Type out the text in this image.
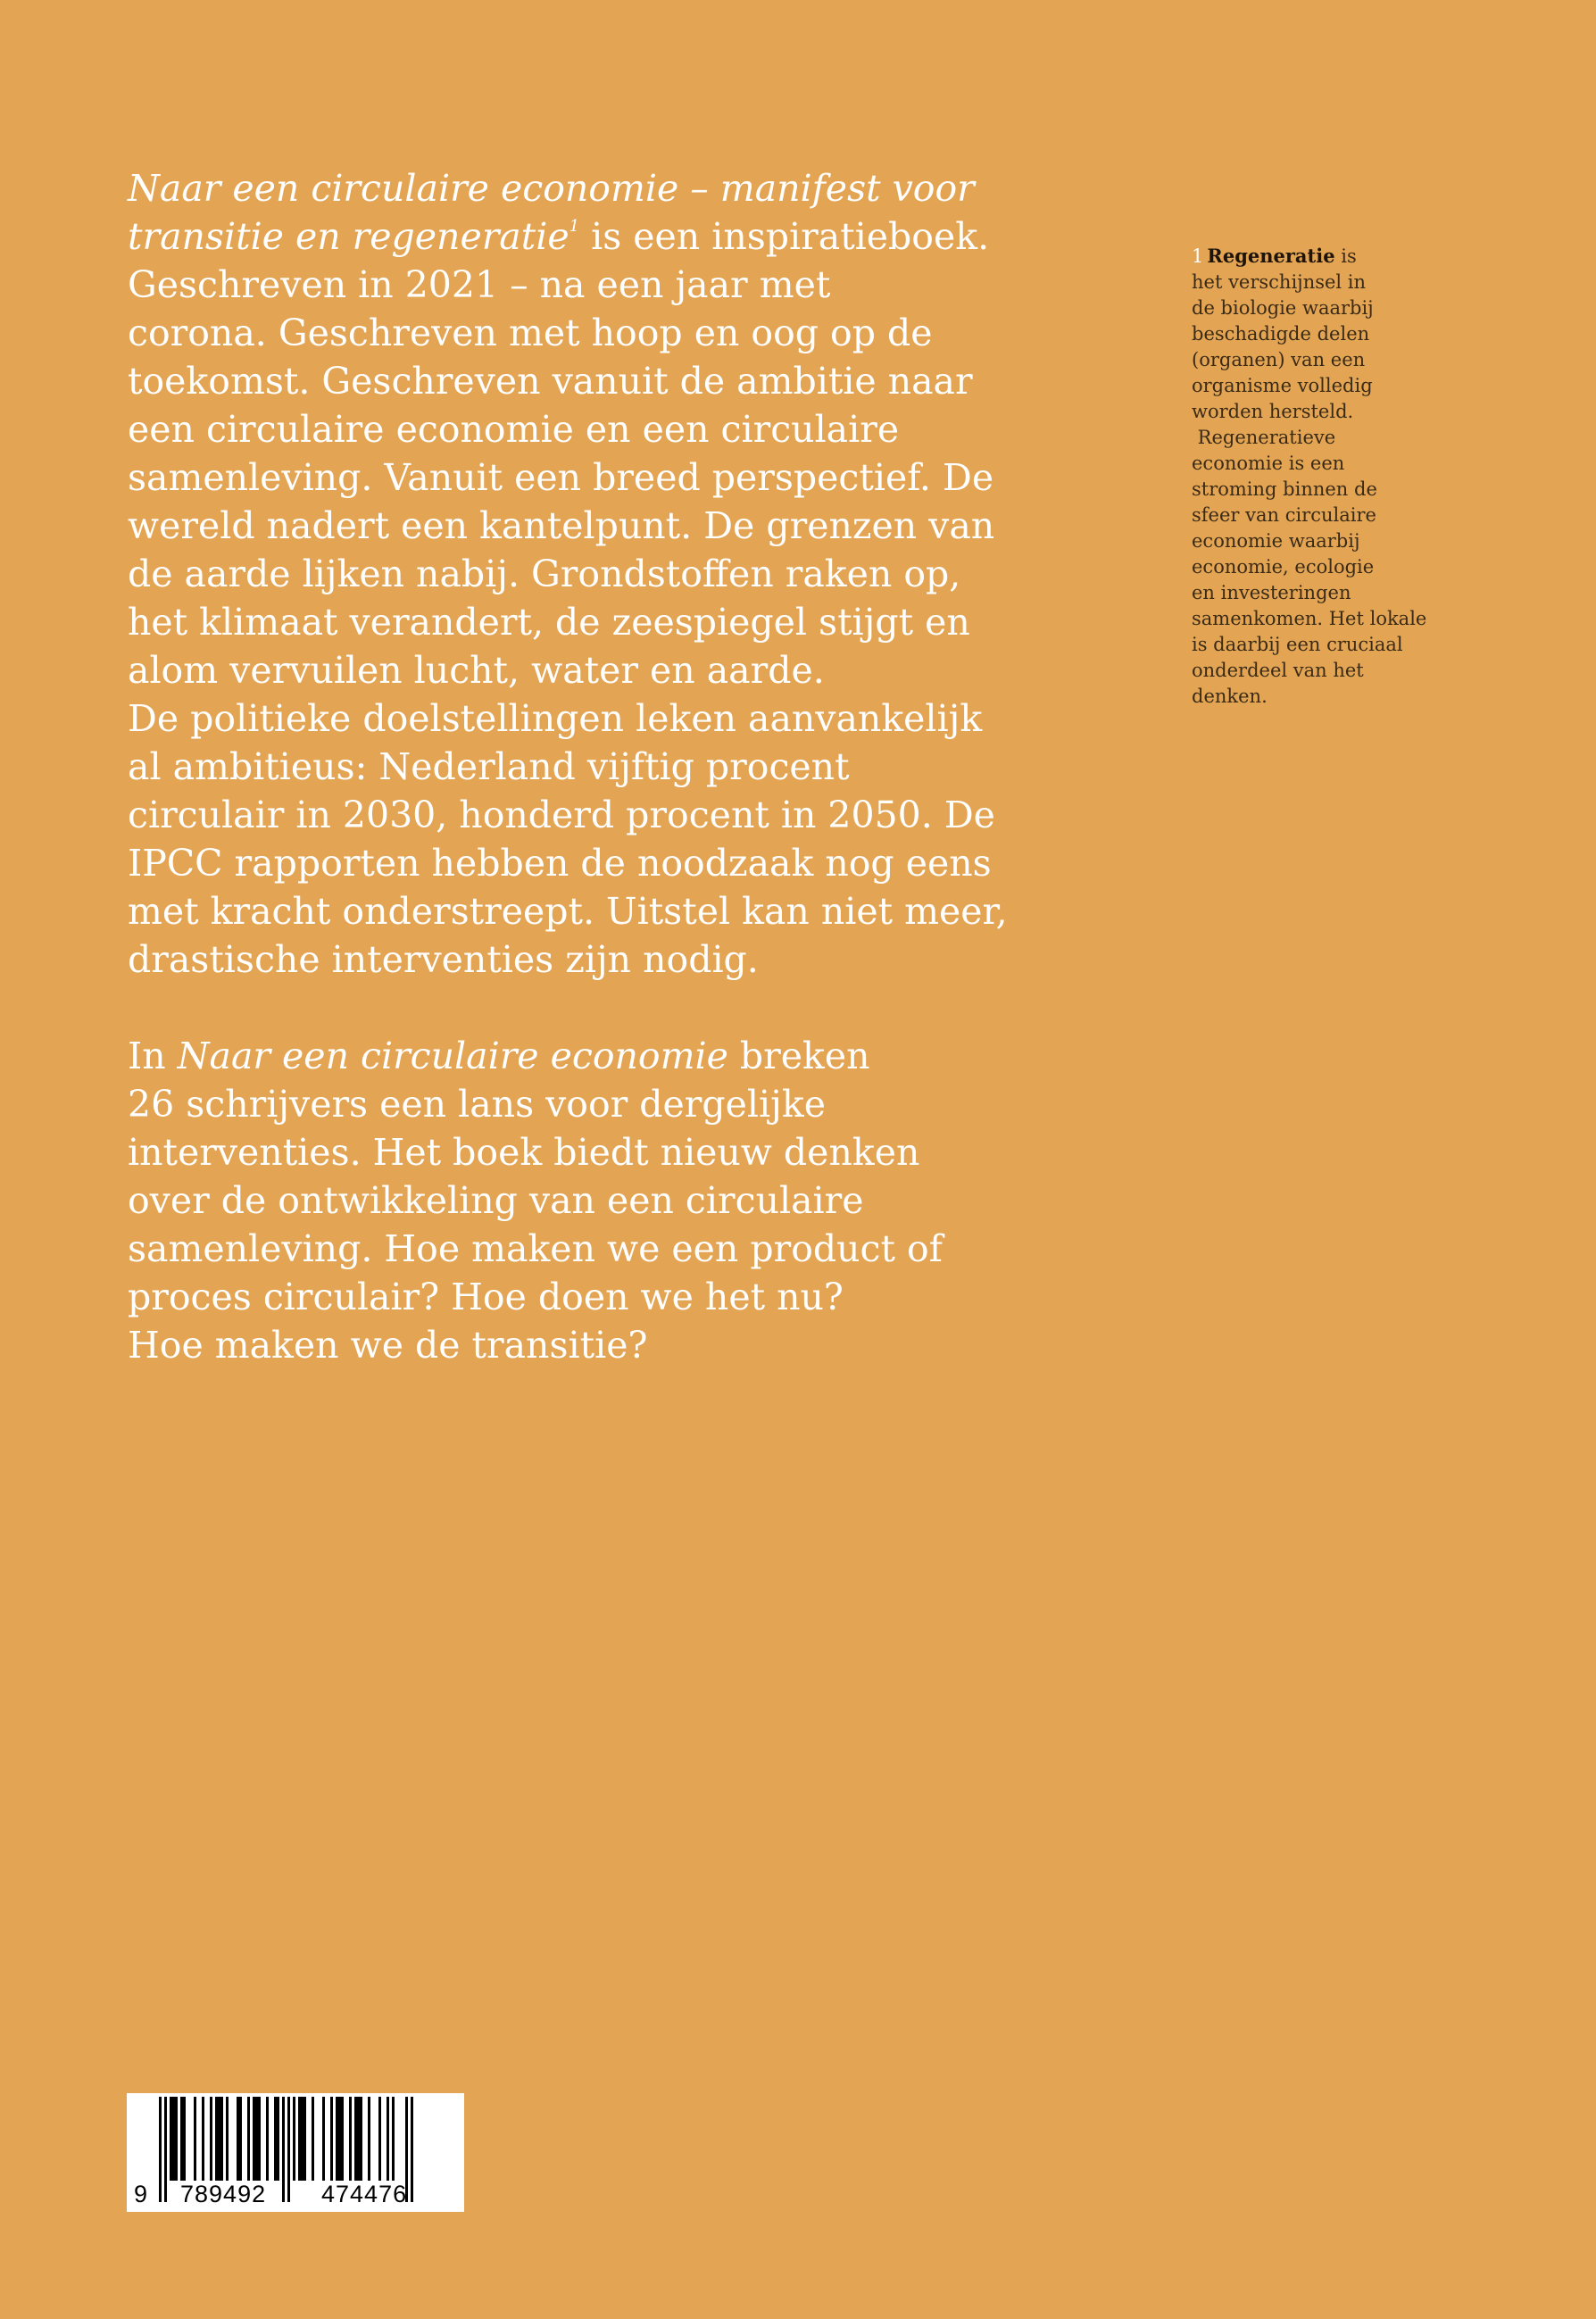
Naar een circulaire economie – manifest voor
transitie en regeneratie$^1$ is een inspiratieboek.
Geschreven in 2021 – na een jaar met
corona. Geschreven met hoop en oog op de
toekomst. Geschreven vanuit de ambitie naar
een circulaire economie en een circulaire
samenleving. Vanuit een breed perspectief. De
wereld nadert een kantelpunt. De grenzen van
de aarde lijken nabij. Grondstoffen raken op,
het klimaat verandert, de zeespiegel stijgt en
alom vervuilen lucht, water en aarde.
De politieke doelstellingen leken aanvankelijk
al ambitieus: Nederland vijftig procent
circulair in 2030, honderd procent in 2050. De
IPCC rapporten hebben de noodzaak nog eens
met kracht onderstreept. Uitstel kan niet meer,
drastische interventies zijn nodig.
In Naar een circulaire economie breken
26 schrijvers een lans voor dergelijke
interventies. Het boek biedt nieuw denken
over de ontwikkeling van een circulaire
samenleving. Hoe maken we een product of
proces circulair? Hoe doen we het nu?
Hoe maken we de transitie?
1 Regeneratie is
het verschijnsel in
de biologie waarbij
beschadigde delen
(organen) van een
organisme volledig
worden hersteld.
Regeneratieve
economie is een
stroming binnen de
sfeer van circulaire
economie waarbij
economie, ecologie
en investeringen
samenkomen. Het lokale
is daarbij een cruciaal
onderdeel van het
denken.
9 789492 474476
